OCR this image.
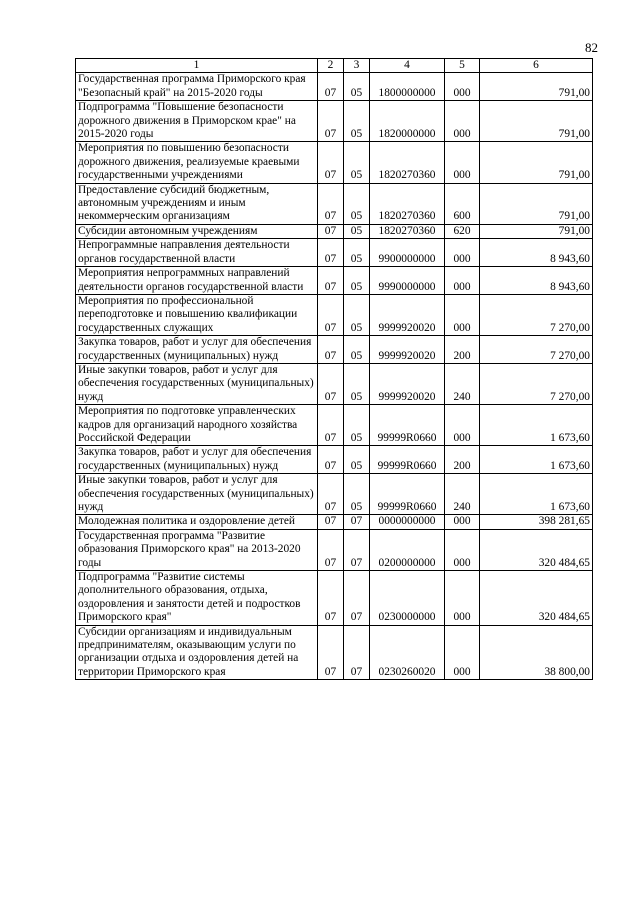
82
1	2	3	4	5	6
Государственная программа Приморского края "Безопасный край" на 2015-2020 годы	07	05	1800000000	000	791,00
Подпрограмма "Повышение безопасности дорожного движения в Приморском крае" на 2015-2020 годы	07	05	1820000000	000	791,00
Мероприятия по повышению безопасности дорожного движения, реализуемые краевыми государственными учреждениями	07	05	1820270360	000	791,00
Предоставление субсидий бюджетным, автономным учреждениям и иным некоммерческим организациям	07	05	1820270360	600	791,00
Субсидии автономным учреждениям	07	05	1820270360	620	791,00
Непрограммные направления деятельности органов государственной власти	07	05	9900000000	000	8 943,60
Мероприятия непрограммных направлений деятельности органов государственной власти	07	05	9990000000	000	8 943,60
Мероприятия по профессиональной переподготовке и повышению квалификации государственных служащих	07	05	9999920020	000	7 270,00
Закупка товаров, работ и услуг для обеспечения государственных (муниципальных) нужд	07	05	9999920020	200	7 270,00
Иные закупки товаров, работ и услуг для обеспечения государственных (муниципальных) нужд	07	05	9999920020	240	7 270,00
Мероприятия по подготовке управленческих кадров для организаций народного хозяйства Российской Федерации	07	05	99999R0660	000	1 673,60
Закупка товаров, работ и услуг для обеспечения государственных (муниципальных) нужд	07	05	99999R0660	200	1 673,60
Иные закупки товаров, работ и услуг для обеспечения государственных (муниципальных) нужд	07	05	99999R0660	240	1 673,60
Молодежная политика и оздоровление детей	07	07	0000000000	000	398 281,65
Государственная программа "Развитие образования Приморского края" на 2013-2020 годы	07	07	0200000000	000	320 484,65
Подпрограмма "Развитие системы дополнительного образования, отдыха, оздоровления и занятости детей и подростков Приморского края"	07	07	0230000000	000	320 484,65
Субсидии организациям и индивидуальным предпринимателям, оказывающим услуги по организации отдыха и оздоровления детей на территории Приморского края	07	07	0230260020	000	38 800,00
